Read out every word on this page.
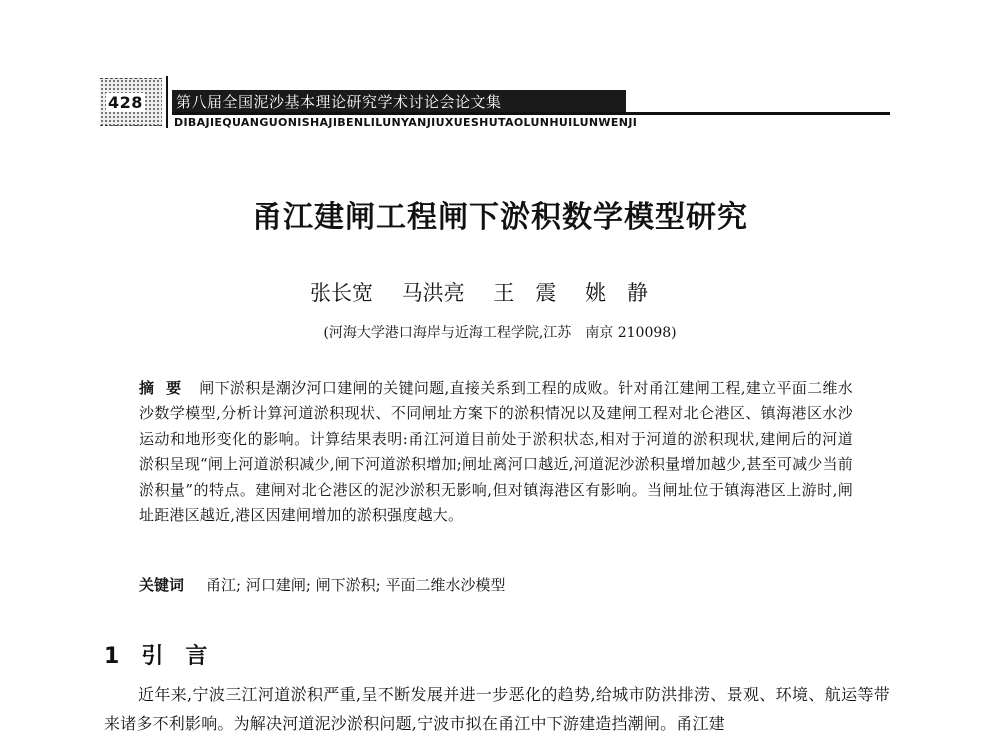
428 第八届全国泥沙基本理论研究学术讨论会论文集
DIBAJIEQUANGUONISHAJIBENLILUNYANJIUXUESHUTAOLUNHUILUNWENJI
甬江建闸工程闸下淤积数学模型研究
张长宽 马洪亮 王　震 姚　静
(河海大学港口海岸与近海工程学院,江苏　南京 210098)
摘要 闸下淤积是潮汐河口建闸的关键问题,直接关系到工程的成败。针对甬江建闸工程,建立平面二维水沙数学模型,分析计算河道淤积现状、不同闸址方案下的淤积情况以及建闸工程对北仑港区、镇海港区水沙运动和地形变化的影响。计算结果表明:甬江河道目前处于淤积状态,相对于河道的淤积现状,建闸后的河道淤积呈现“闸上河道淤积减少,闸下河道淤积增加;闸址离河口越近,河道泥沙淤积量增加越少,甚至可减少当前淤积量”的特点。建闸对北仑港区的泥沙淤积无影响,但对镇海港区有影响。当闸址位于镇海港区上游时,闸址距港区越近,港区因建闸增加的淤积强度越大。
关键词 甬江; 河口建闸; 闸下淤积; 平面二维水沙模型
1 引言
近年来,宁波三江河道淤积严重,呈不断发展并进一步恶化的趋势,给城市防洪排涝、景观、环境、航运等带来诸多不利影响。为解决河道泥沙淤积问题,宁波市拟在甬江中下游建造挡潮闸。甬江建
